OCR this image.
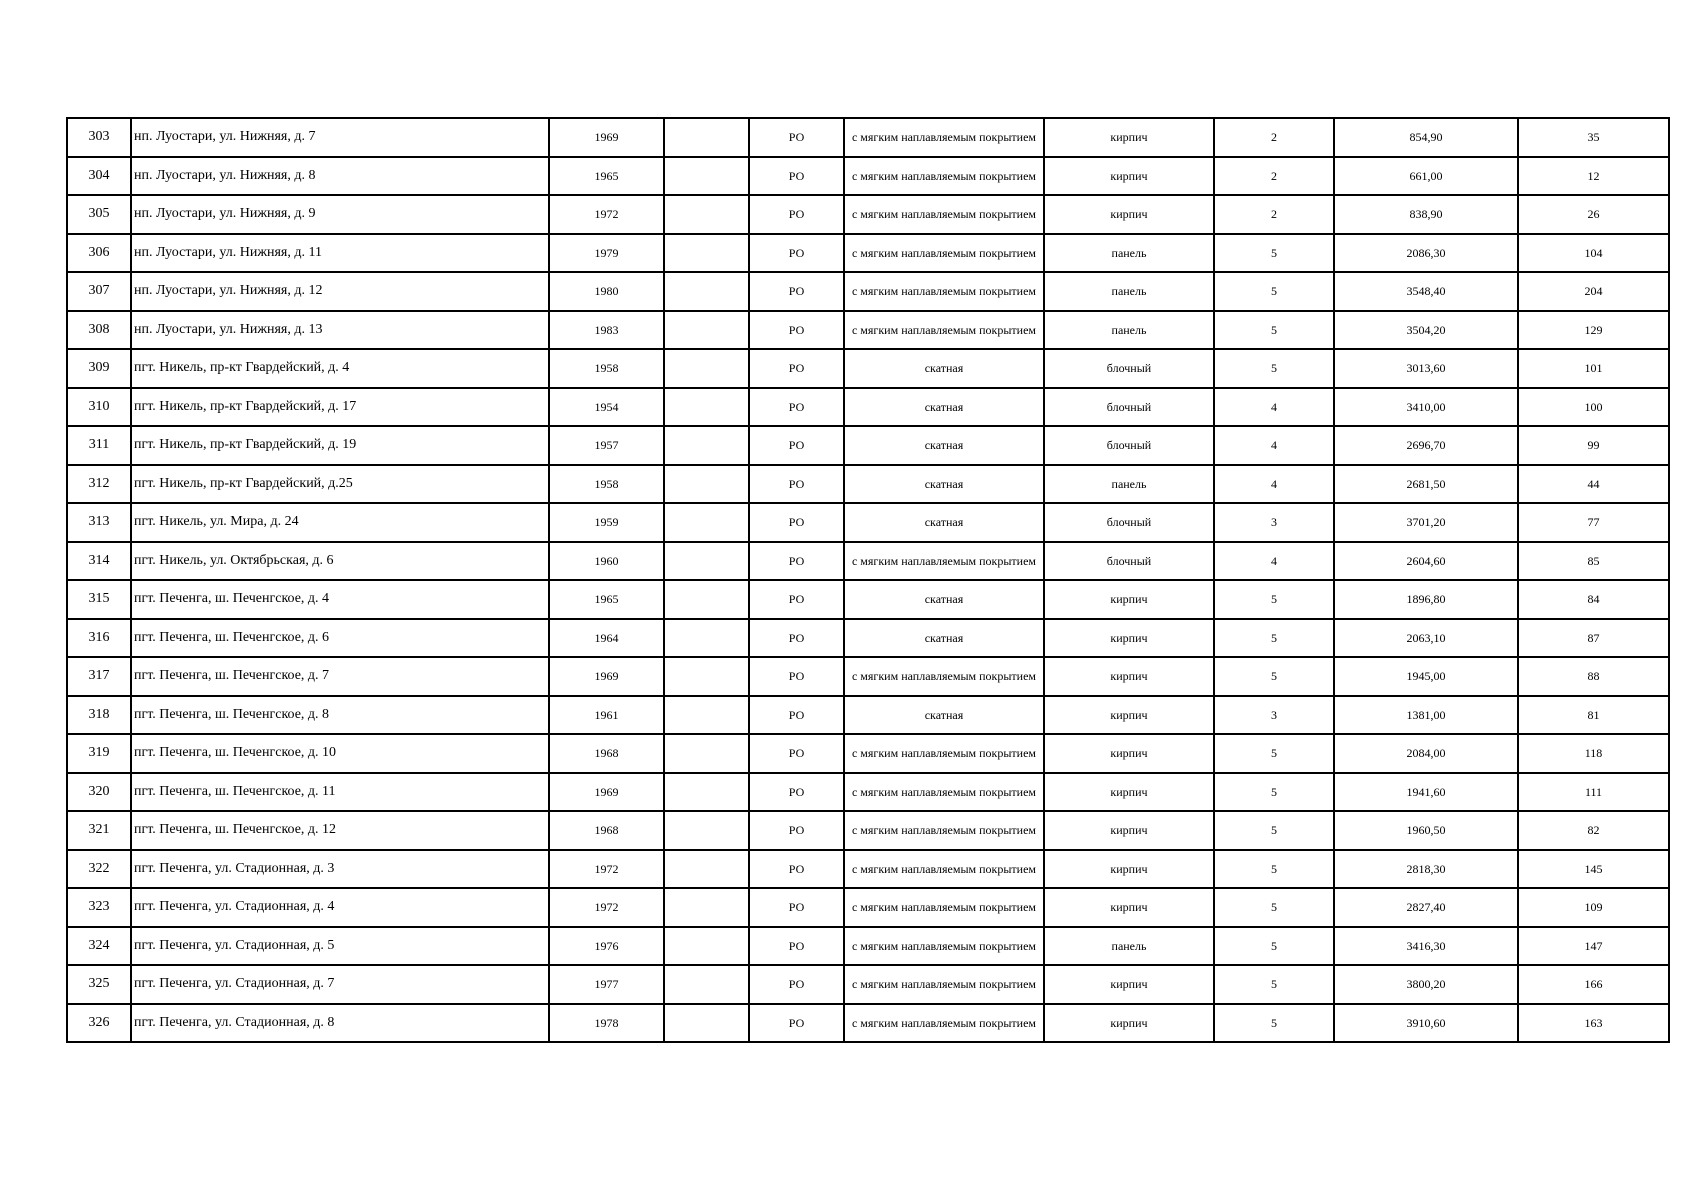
303	нп. Луостари, ул. Нижняя, д. 7	1969		РО	с мягким наплавляемым покрытием	кирпич	2	854,90	35
304	нп. Луостари, ул. Нижняя, д. 8	1965		РО	с мягким наплавляемым покрытием	кирпич	2	661,00	12
305	нп. Луостари, ул. Нижняя, д. 9	1972		РО	с мягким наплавляемым покрытием	кирпич	2	838,90	26
306	нп. Луостари, ул. Нижняя, д. 11	1979		РО	с мягким наплавляемым покрытием	панель	5	2086,30	104
307	нп. Луостари, ул. Нижняя, д. 12	1980		РО	с мягким наплавляемым покрытием	панель	5	3548,40	204
308	нп. Луостари, ул. Нижняя, д. 13	1983		РО	с мягким наплавляемым покрытием	панель	5	3504,20	129
309	пгт. Никель, пр-кт Гвардейский, д. 4	1958		РО	скатная	блочный	5	3013,60	101
310	пгт. Никель, пр-кт Гвардейский, д. 17	1954		РО	скатная	блочный	4	3410,00	100
311	пгт. Никель, пр-кт Гвардейский, д. 19	1957		РО	скатная	блочный	4	2696,70	99
312	пгт. Никель, пр-кт Гвардейский, д.25	1958		РО	скатная	панель	4	2681,50	44
313	пгт. Никель, ул. Мира, д. 24	1959		РО	скатная	блочный	3	3701,20	77
314	пгт. Никель, ул. Октябрьская, д. 6	1960		РО	с мягким наплавляемым покрытием	блочный	4	2604,60	85
315	пгт. Печенга, ш. Печенгское, д. 4	1965		РО	скатная	кирпич	5	1896,80	84
316	пгт. Печенга, ш. Печенгское, д. 6	1964		РО	скатная	кирпич	5	2063,10	87
317	пгт. Печенга, ш. Печенгское, д. 7	1969		РО	с мягким наплавляемым покрытием	кирпич	5	1945,00	88
318	пгт. Печенга, ш. Печенгское, д. 8	1961		РО	скатная	кирпич	3	1381,00	81
319	пгт. Печенга, ш. Печенгское, д. 10	1968		РО	с мягким наплавляемым покрытием	кирпич	5	2084,00	118
320	пгт. Печенга, ш. Печенгское, д. 11	1969		РО	с мягким наплавляемым покрытием	кирпич	5	1941,60	111
321	пгт. Печенга, ш. Печенгское, д. 12	1968		РО	с мягким наплавляемым покрытием	кирпич	5	1960,50	82
322	пгт. Печенга, ул. Стадионная, д. 3	1972		РО	с мягким наплавляемым покрытием	кирпич	5	2818,30	145
323	пгт. Печенга, ул. Стадионная, д. 4	1972		РО	с мягким наплавляемым покрытием	кирпич	5	2827,40	109
324	пгт. Печенга, ул. Стадионная, д. 5	1976		РО	с мягким наплавляемым покрытием	панель	5	3416,30	147
325	пгт. Печенга, ул. Стадионная, д. 7	1977		РО	с мягким наплавляемым покрытием	кирпич	5	3800,20	166
326	пгт. Печенга, ул. Стадионная, д. 8	1978		РО	с мягким наплавляемым покрытием	кирпич	5	3910,60	163
